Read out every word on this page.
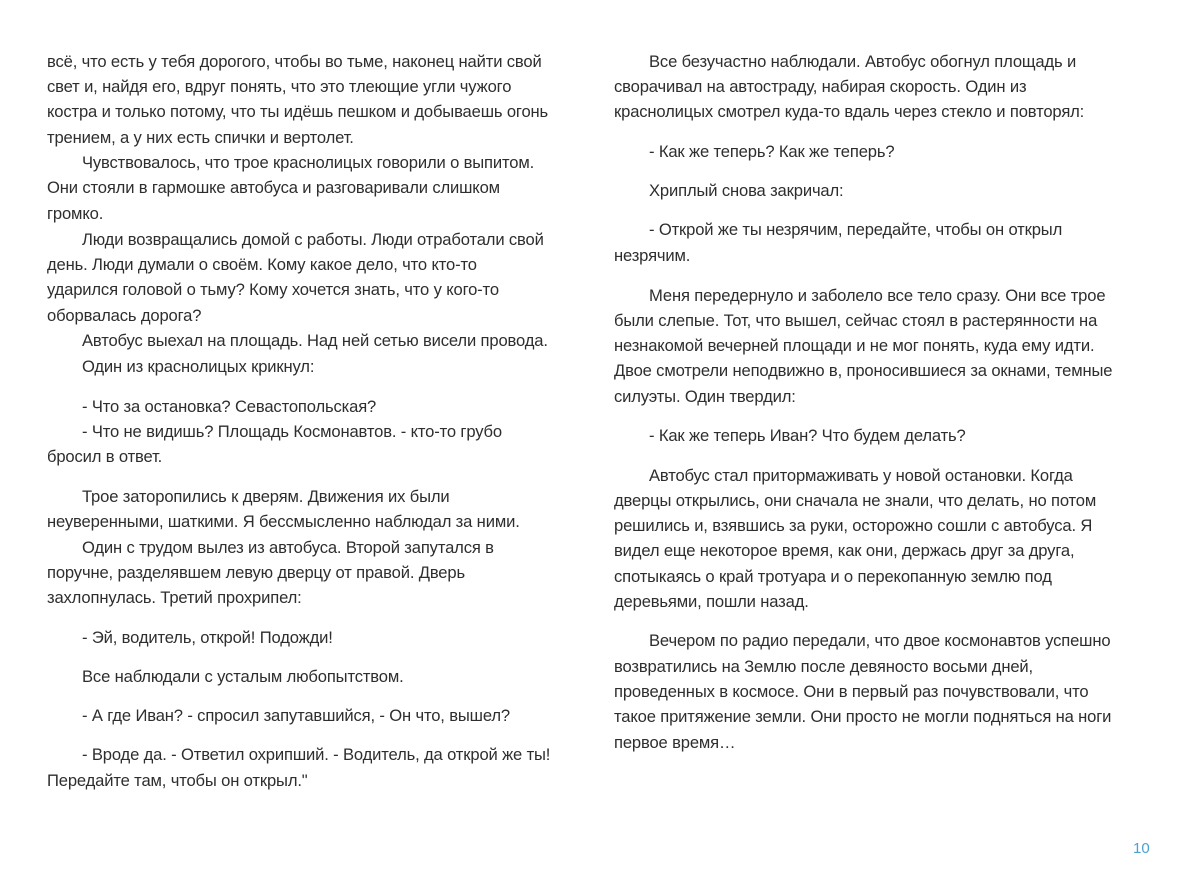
всё, что есть у тебя дорогого, чтобы во тьме, наконец найти свой
свет и, найдя его, вдруг понять, что это тлеющие угли чужого
костра и только потому, что ты идёшь пешком и добываешь огонь
трением, а у них есть спички и вертолет.
Чувствовалось, что трое краснолицых говорили о выпитом.
Они стояли в гармошке автобуса и разговаривали слишком
громко.
Люди возвращались домой с работы. Люди отработали свой
день. Люди думали о своём. Кому какое дело, что кто-то
ударился головой о тьму? Кому хочется знать, что у кого-то
оборвалась дорога?
Автобус выехал на площадь. Над ней сетью висели провода.
Один из краснолицых крикнул:
- Что за остановка? Севастопольская?
- Что не видишь? Площадь Космонавтов. - кто-то грубо
бросил в ответ.
Трое заторопились к дверям. Движения их были
неуверенными, шаткими. Я бессмысленно наблюдал за ними.
Один с трудом вылез из автобуса. Второй запутался в
поручне, разделявшем левую дверцу от правой. Дверь
захлопнулась. Третий прохрипел:
- Эй, водитель, открой! Подожди!
Все наблюдали с усталым любопытством.
- А где Иван? - спросил запутавшийся, - Он что, вышел?
- Вроде да. - Ответил охрипший. - Водитель, да открой же ты!
Передайте там, чтобы он открыл."
Все безучастно наблюдали. Автобус обогнул площадь и
сворачивал на автостраду, набирая скорость. Один из
краснолицых смотрел куда-то вдаль через стекло и повторял:
- Как же теперь? Как же теперь?
Хриплый снова закричал:
- Открой же ты незрячим, передайте, чтобы он открыл
незрячим.
Меня передернуло и заболело все тело сразу. Они все трое
были слепые. Тот, что вышел, сейчас стоял в растерянности на
незнакомой вечерней площади и не мог понять, куда ему идти.
Двое смотрели неподвижно в, проносившиеся за окнами, темные
силуэты. Один твердил:
- Как же теперь Иван? Что будем делать?
Автобус стал притормаживать у новой остановки. Когда
дверцы открылись, они сначала не знали, что делать, но потом
решились и, взявшись за руки, осторожно сошли с автобуса. Я
видел еще некоторое время, как они, держась друг за друга,
спотыкаясь о край тротуара и о перекопанную землю под
деревьями, пошли назад.
Вечером по радио передали, что двое космонавтов успешно
возвратились на Землю после девяносто восьми дней,
проведенных в космосе. Они в первый раз почувствовали, что
такое притяжение земли. Они просто не могли подняться на ноги
первое время…
10
